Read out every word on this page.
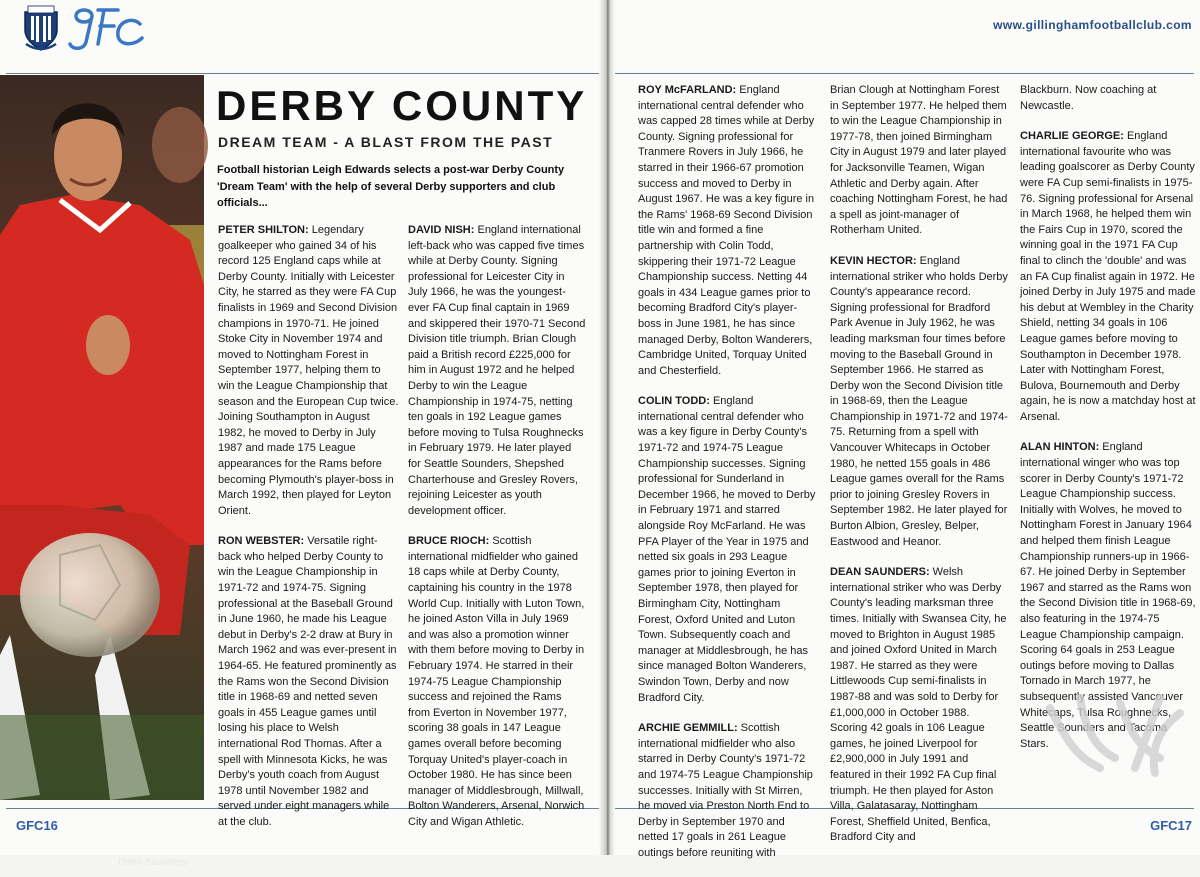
www.gillinghamfootballclub.com
Dean Saunders
DERBY COUNTY
DREAM TEAM - A BLAST FROM THE PAST

Football historian Leigh Edwards selects a post-war Derby County 'Dream Team' with the help of several Derby supporters and club officials...

PETER SHILTON: Legendary goalkeeper who gained 34 of his record 125 England caps while at Derby County. Initially with Leicester City, he starred as they were FA Cup finalists in 1969 and Second Division champions in 1970-71. He joined Stoke City in November 1974 and moved to Nottingham Forest in September 1977, helping them to win the League Championship that season and the European Cup twice. Joining Southampton in August 1982, he moved to Derby in July 1987 and made 175 League appearances for the Rams before becoming Plymouth's player-boss in March 1992, then played for Leyton Orient.

RON WEBSTER: Versatile right-back who helped Derby County to win the League Championship in 1971-72 and 1974-75. Signing professional at the Baseball Ground in June 1960, he made his League debut in Derby's 2-2 draw at Bury in March 1962 and was ever-present in 1964-65. He featured prominently as the Rams won the Second Division title in 1968-69 and netted seven goals in 455 League games until losing his place to Welsh international Rod Thomas. After a spell with Minnesota Kicks, he was Derby's youth coach from August 1978 until November 1982 and served under eight managers while at the club.

DAVID NISH: England international left-back who was capped five times while at Derby County. Signing professional for Leicester City in July 1966, he was the youngest-ever FA Cup final captain in 1969 and skippered their 1970-71 Second Division title triumph. Brian Clough paid a British record £225,000 for him in August 1972 and he helped Derby to win the League Championship in 1974-75, netting ten goals in 192 League games before moving to Tulsa Roughnecks in February 1979. He later played for Seattle Sounders, Shepshed Charterhouse and Gresley Rovers, rejoining Leicester as youth development officer.

BRUCE RIOCH: Scottish international midfielder who gained 18 caps while at Derby County, captaining his country in the 1978 World Cup. Initially with Luton Town, he joined Aston Villa in July 1969 and was also a promotion winner with them before moving to Derby in February 1974. He starred in their 1974-75 League Championship success and rejoined the Rams from Everton in November 1977, scoring 38 goals in 147 League games overall before becoming Torquay United's player-coach in October 1980. He has since been manager of Middlesbrough, Millwall, Bolton Wanderers, Arsenal, Norwich City and Wigan Athletic.

ROY McFARLAND: England international central defender who was capped 28 times while at Derby County. Signing professional for Tranmere Rovers in July 1966, he starred in their 1966-67 promotion success and moved to Derby in August 1967. He was a key figure in the Rams' 1968-69 Second Division title win and formed a fine partnership with Colin Todd, skippering their 1971-72 League Championship success. Netting 44 goals in 434 League games prior to becoming Bradford City's player-boss in June 1981, he has since managed Derby, Bolton Wanderers, Cambridge United, Torquay United and Chesterfield.

COLIN TODD: England international central defender who was a key figure in Derby County's 1971-72 and 1974-75 League Championship successes. Signing professional for Sunderland in December 1966, he moved to Derby in February 1971 and starred alongside Roy McFarland. He was PFA Player of the Year in 1975 and netted six goals in 293 League games prior to joining Everton in September 1978, then played for Birmingham City, Nottingham Forest, Oxford United and Luton Town. Subsequently coach and manager at Middlesbrough, he has since managed Bolton Wanderers, Swindon Town, Derby and now Bradford City.

ARCHIE GEMMILL: Scottish international midfielder who also starred in Derby County's 1971-72 and 1974-75 League Championship successes. Initially with St Mirren, he moved via Preston North End to Derby in September 1970 and netted 17 goals in 261 League outings before reuniting with

Brian Clough at Nottingham Forest in September 1977. He helped them to win the League Championship in 1977-78, then joined Birmingham City in August 1979 and later played for Jacksonville Teamen, Wigan Athletic and Derby again. After coaching Nottingham Forest, he had a spell as joint-manager of Rotherham United.

KEVIN HECTOR: England international striker who holds Derby County's appearance record. Signing professional for Bradford Park Avenue in July 1962, he was leading marksman four times before moving to the Baseball Ground in September 1966. He starred as Derby won the Second Division title in 1968-69, then the League Championship in 1971-72 and 1974-75. Returning from a spell with Vancouver Whitecaps in October 1980, he netted 155 goals in 486 League games overall for the Rams prior to joining Gresley Rovers in September 1982. He later played for Burton Albion, Gresley, Belper, Eastwood and Heanor.

DEAN SAUNDERS: Welsh international striker who was Derby County's leading marksman three times. Initially with Swansea City, he moved to Brighton in August 1985 and joined Oxford United in March 1987. He starred as they were Littlewoods Cup semi-finalists in 1987-88 and was sold to Derby for £1,000,000 in October 1988. Scoring 42 goals in 106 League games, he joined Liverpool for £2,900,000 in July 1991 and featured in their 1992 FA Cup final triumph. He then played for Aston Villa, Galatasaray, Nottingham Forest, Sheffield United, Benfica, Bradford City and

Blackburn. Now coaching at Newcastle.

CHARLIE GEORGE: England international favourite who was leading goalscorer as Derby County were FA Cup semi-finalists in 1975-76. Signing professional for Arsenal in March 1968, he helped them win the Fairs Cup in 1970, scored the winning goal in the 1971 FA Cup final to clinch the 'double' and was an FA Cup finalist again in 1972. He joined Derby in July 1975 and made his debut at Wembley in the Charity Shield, netting 34 goals in 106 League games before moving to Southampton in December 1978. Later with Nottingham Forest, Bulova, Bournemouth and Derby again, he is now a matchday host at Arsenal.

ALAN HINTON: England international winger who was top scorer in Derby County's 1971-72 League Championship success. Initially with Wolves, he moved to Nottingham Forest in January 1964 and helped them finish League Championship runners-up in 1966-67. He joined Derby in September 1967 and starred as the Rams won the Second Division title in 1968-69, also featuring in the 1974-75 League Championship campaign. Scoring 64 goals in 253 League outings before moving to Dallas Tornado in March 1977, he subsequently assisted Vancouver Whitecaps, Tulsa Roughnecks, Seattle Sounders and Tacoma Stars.

GFC16	GFC17
